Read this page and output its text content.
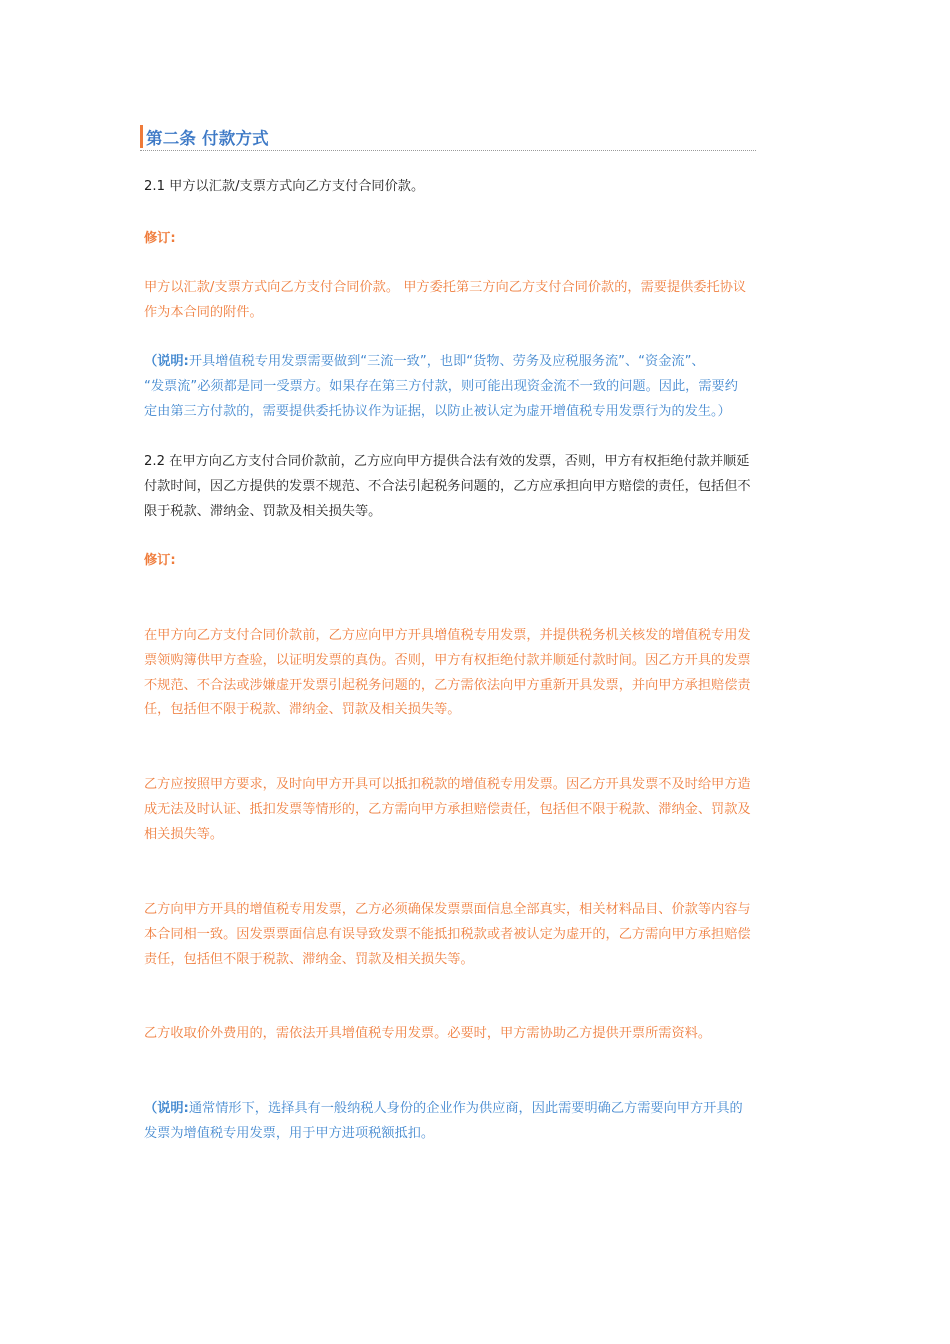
第二条 付款方式
2.1 甲方以汇款/支票方式向乙方支付合同价款。
修订:
甲方以汇款/支票方式向乙方支付合同价款。 甲方委托第三方向乙方支付合同价款的，需要提供委托协议
作为本合同的附件。
（说明:开具增值税专用发票需要做到“三流一致”，也即“货物、劳务及应税服务流”、“资金流”、
“发票流”必须都是同一受票方。如果存在第三方付款，则可能出现资金流不一致的问题。因此，需要约
定由第三方付款的，需要提供委托协议作为证据，以防止被认定为虚开增值税专用发票行为的发生。）
2.2 在甲方向乙方支付合同价款前，乙方应向甲方提供合法有效的发票，否则，甲方有权拒绝付款并顺延
付款时间，因乙方提供的发票不规范、不合法引起税务问题的，乙方应承担向甲方赔偿的责任，包括但不
限于税款、滞纳金、罚款及相关损失等。
修订:
在甲方向乙方支付合同价款前，乙方应向甲方开具增值税专用发票，并提供税务机关核发的增值税专用发
票领购簿供甲方查验，以证明发票的真伪。否则，甲方有权拒绝付款并顺延付款时间。因乙方开具的发票
不规范、不合法或涉嫌虚开发票引起税务问题的，乙方需依法向甲方重新开具发票，并向甲方承担赔偿责
任，包括但不限于税款、滞纳金、罚款及相关损失等。
乙方应按照甲方要求，及时向甲方开具可以抵扣税款的增值税专用发票。因乙方开具发票不及时给甲方造
成无法及时认证、抵扣发票等情形的，乙方需向甲方承担赔偿责任，包括但不限于税款、滞纳金、罚款及
相关损失等。
乙方向甲方开具的增值税专用发票，乙方必须确保发票票面信息全部真实，相关材料品目、价款等内容与
本合同相一致。因发票票面信息有误导致发票不能抵扣税款或者被认定为虚开的，乙方需向甲方承担赔偿
责任，包括但不限于税款、滞纳金、罚款及相关损失等。
乙方收取价外费用的，需依法开具增值税专用发票。必要时，甲方需协助乙方提供开票所需资料。
（说明:通常情形下，选择具有一般纳税人身份的企业作为供应商，因此需要明确乙方需要向甲方开具的
发票为增值税专用发票，用于甲方进项税额抵扣。
